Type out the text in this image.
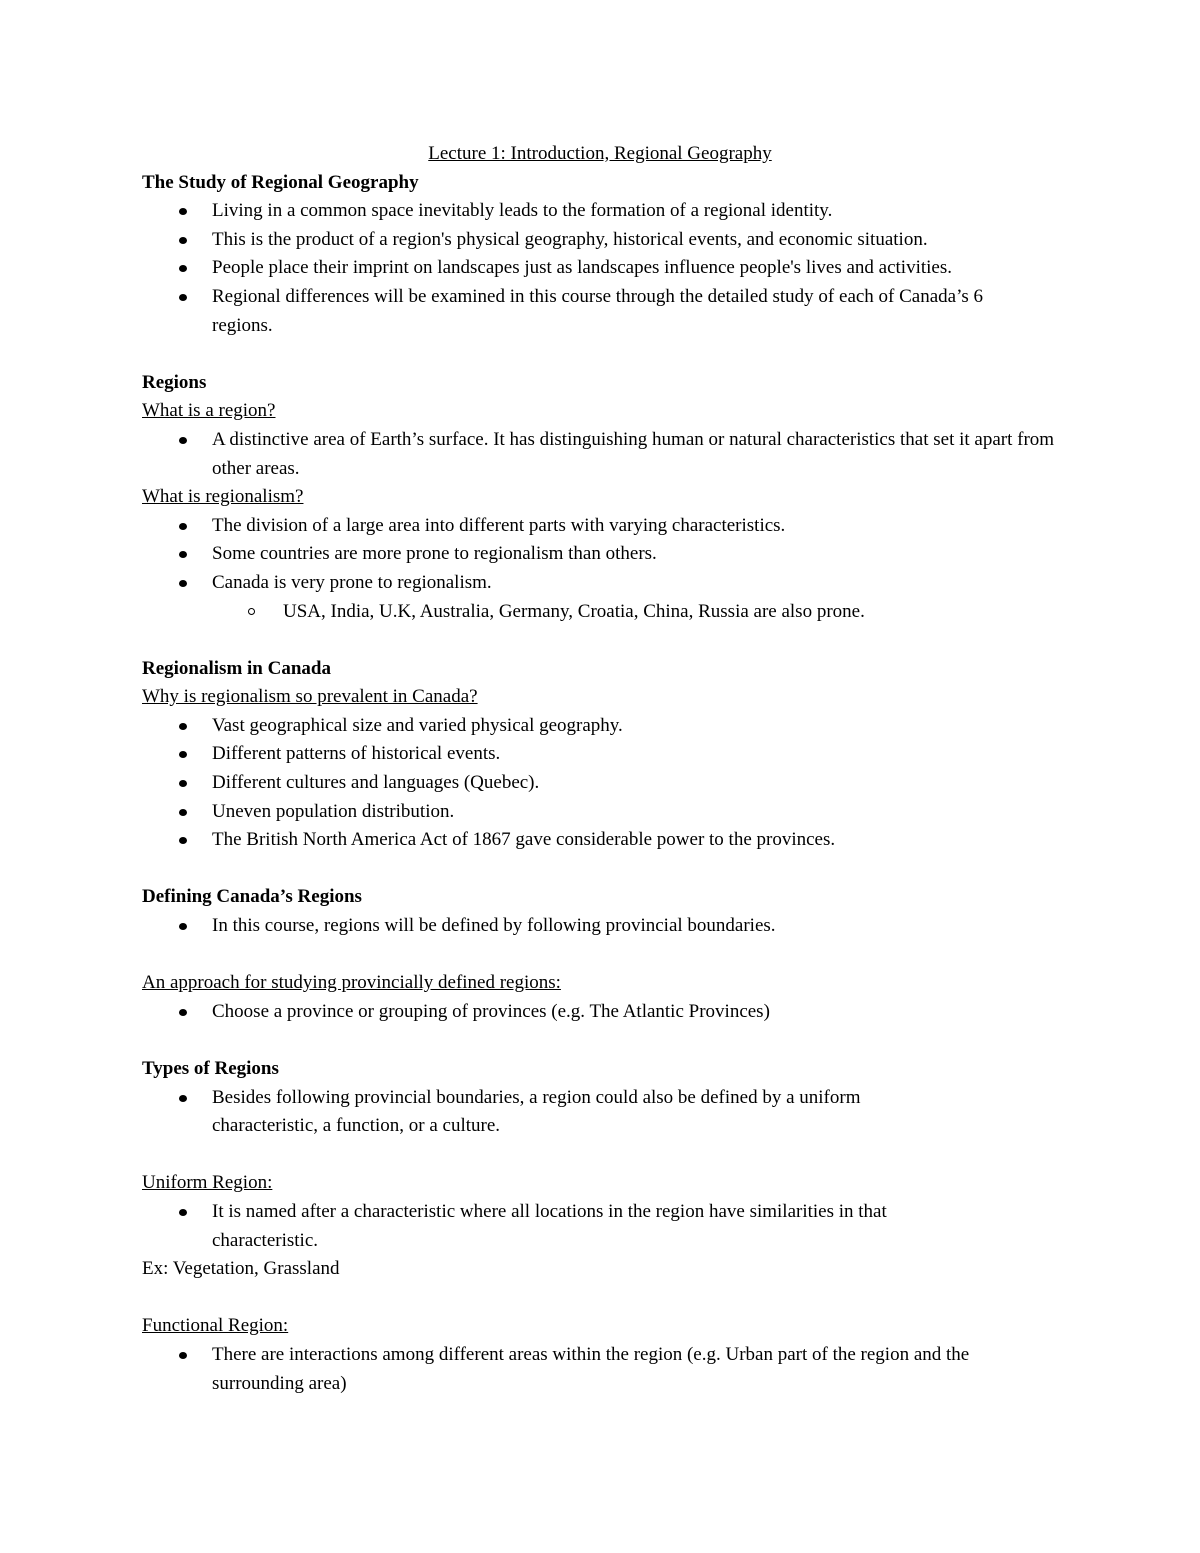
Lecture 1: Introduction, Regional Geography
The Study of Regional Geography
Living in a common space inevitably leads to the formation of a regional identity.
This is the product of a region's physical geography, historical events, and economic situation.
People place their imprint on landscapes just as landscapes influence people's lives and activities.
Regional differences will be examined in this course through the detailed study of each of Canada’s 6 regions.
Regions
What is a region?
A distinctive area of Earth’s surface. It has distinguishing human or natural characteristics that set it apart from other areas.
What is regionalism?
The division of a large area into different parts with varying characteristics.
Some countries are more prone to regionalism than others.
Canada is very prone to regionalism.
USA, India, U.K, Australia, Germany, Croatia, China, Russia are also prone.
Regionalism in Canada
Why is regionalism so prevalent in Canada?
Vast geographical size and varied physical geography.
Different patterns of historical events.
Different cultures and languages (Quebec).
Uneven population distribution.
The British North America Act of 1867 gave considerable power to the provinces.
Defining Canada’s Regions
In this course, regions will be defined by following provincial boundaries.
An approach for studying provincially defined regions:
Choose a province or grouping of provinces (e.g. The Atlantic Provinces)
Types of Regions
Besides following provincial boundaries, a region could also be defined by a uniform characteristic, a function, or a culture.
Uniform Region:
It is named after a characteristic where all locations in the region have similarities in that characteristic.
Ex: Vegetation, Grassland
Functional Region:
There are interactions among different areas within the region (e.g. Urban part of the region and the surrounding area)
